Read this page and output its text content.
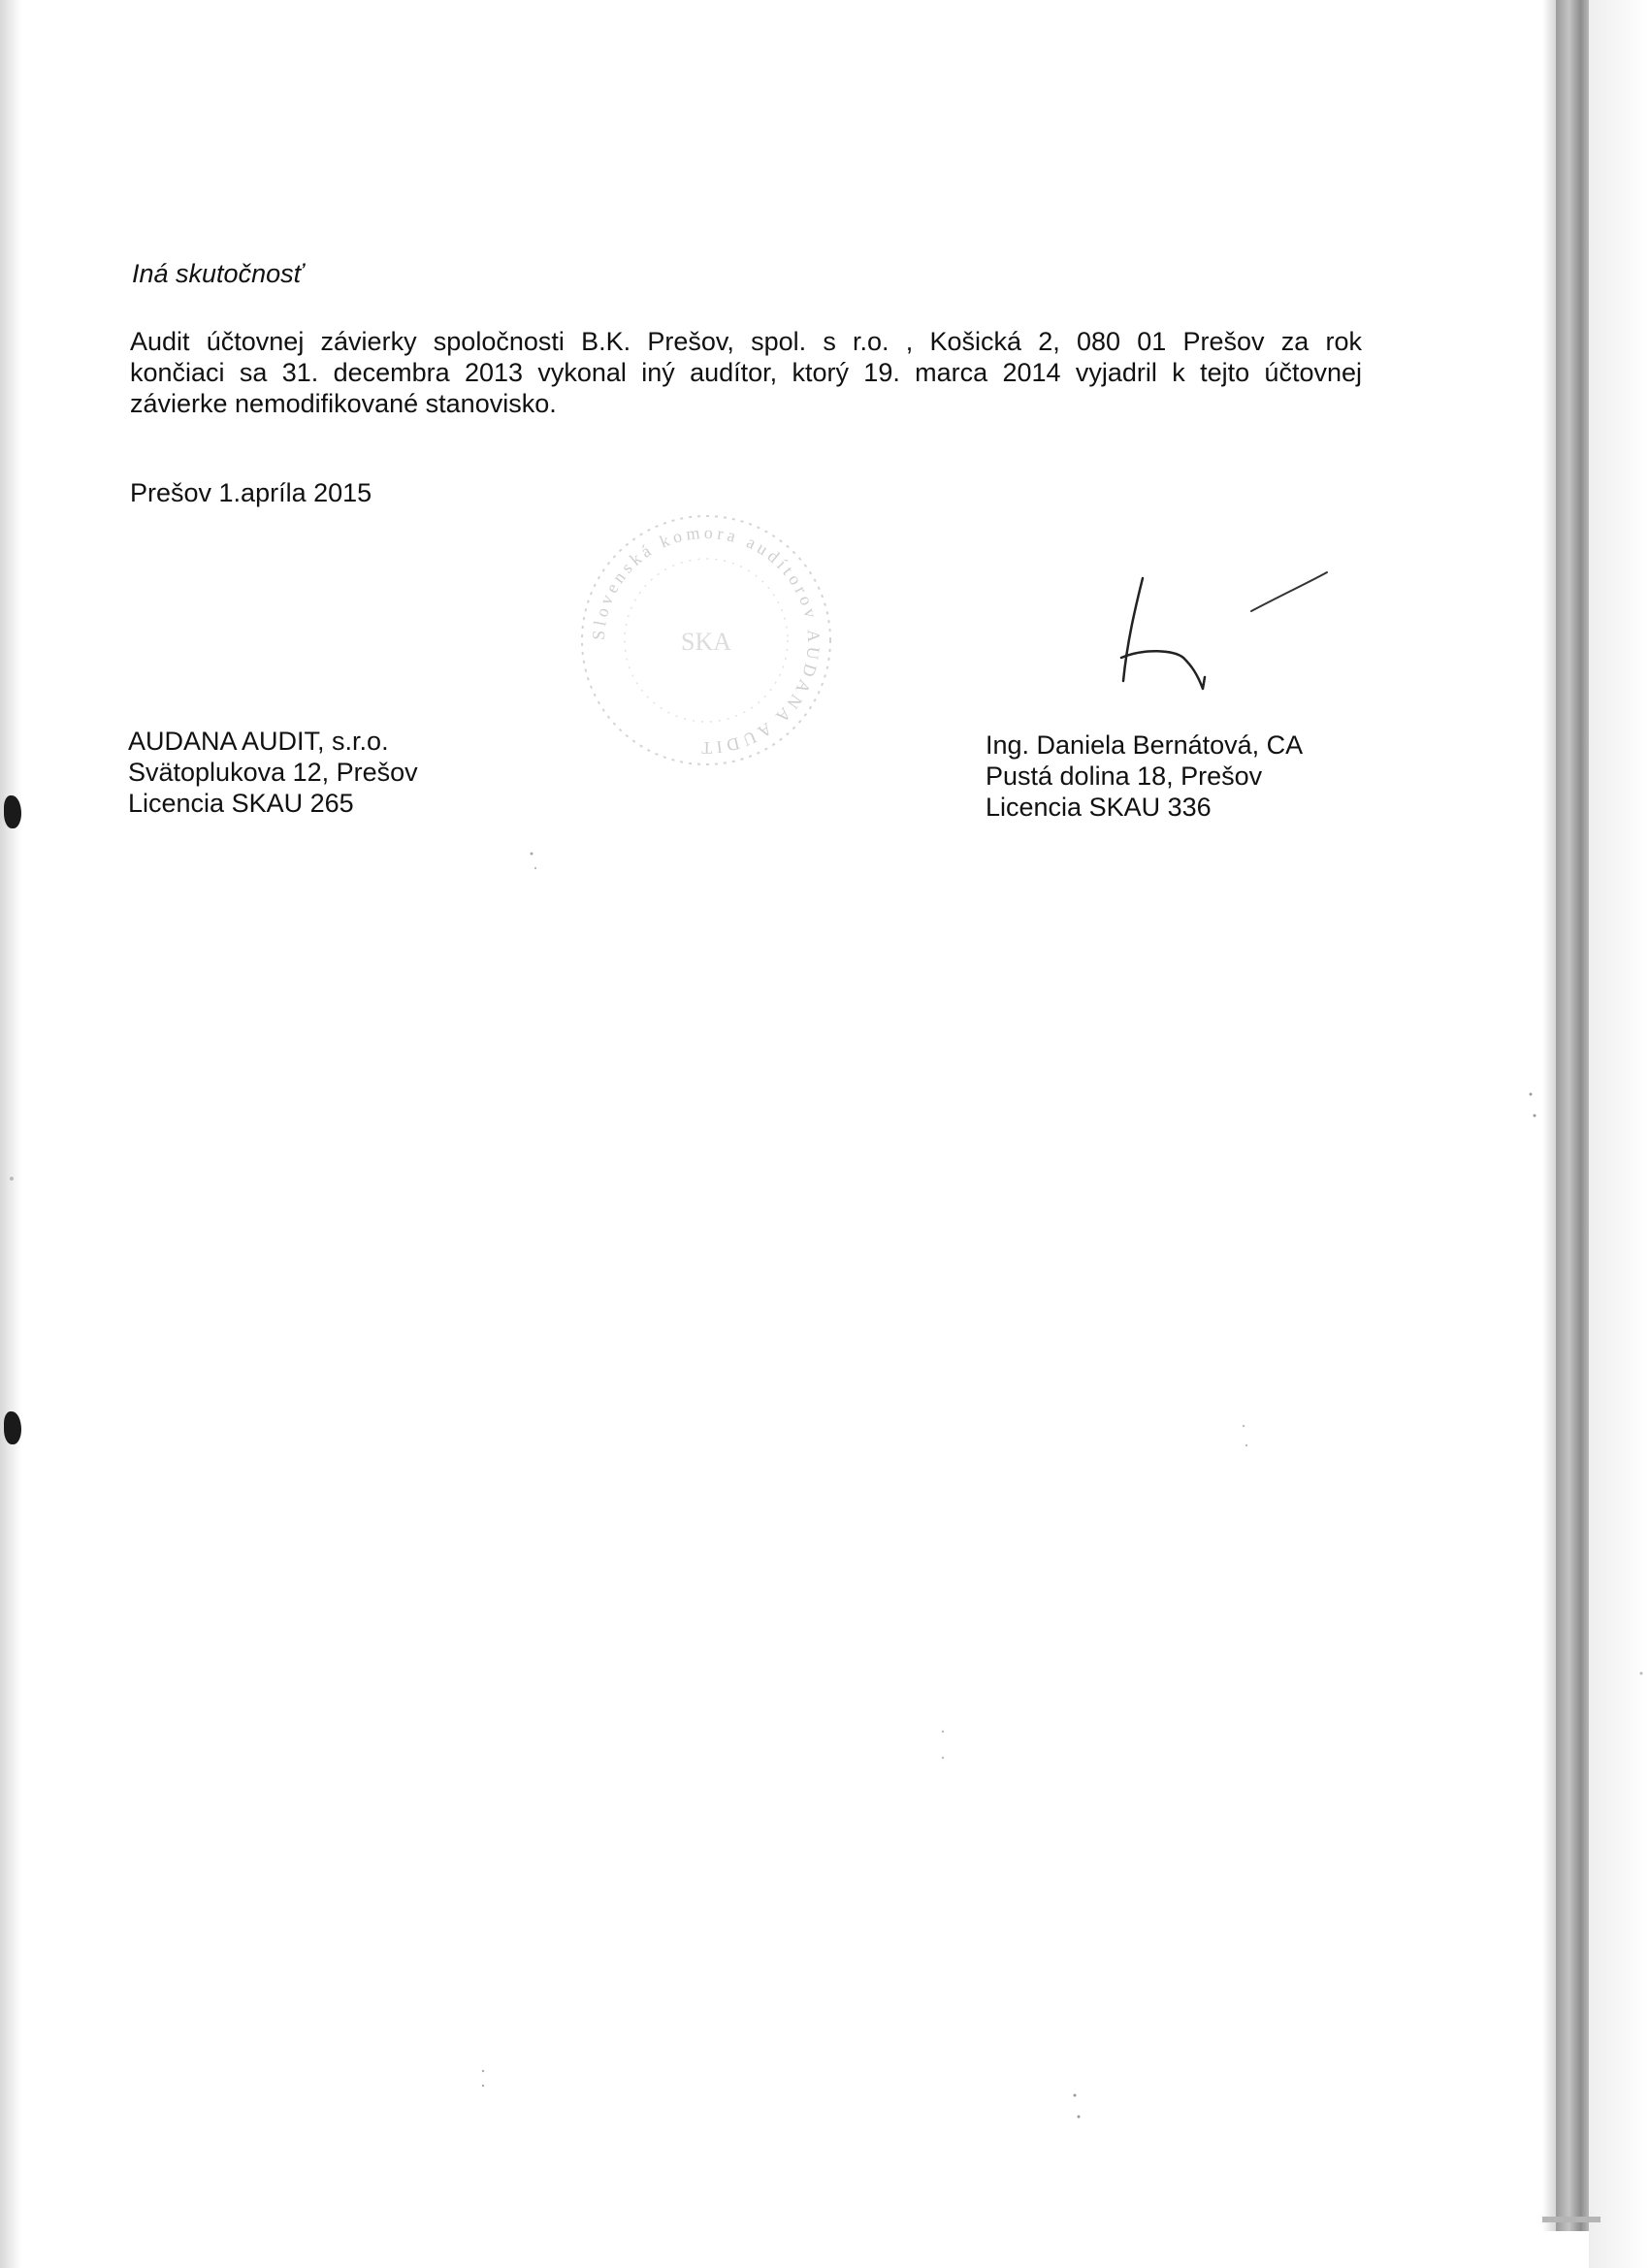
Iná skutočnosť

Audit účtovnej závierky spoločnosti B.K. Prešov, spol. s r.o. , Košická 2, 080 01 Prešov za rok
končiaci sa 31. decembra 2013 vykonal iný audítor, ktorý 19. marca 2014 vyjadril k tejto účtovnej
závierke nemodifikované stanovisko.

Prešov 1.apríla 2015

Slovenská komora audítorov AUDANA AUDIT
SKA

AUDANA AUDIT, s.r.o.
Svätoplukova 12, Prešov
Licencia SKAU 265

Ing. Daniela Bernátová, CA
Pustá dolina 18, Prešov
Licencia SKAU 336
